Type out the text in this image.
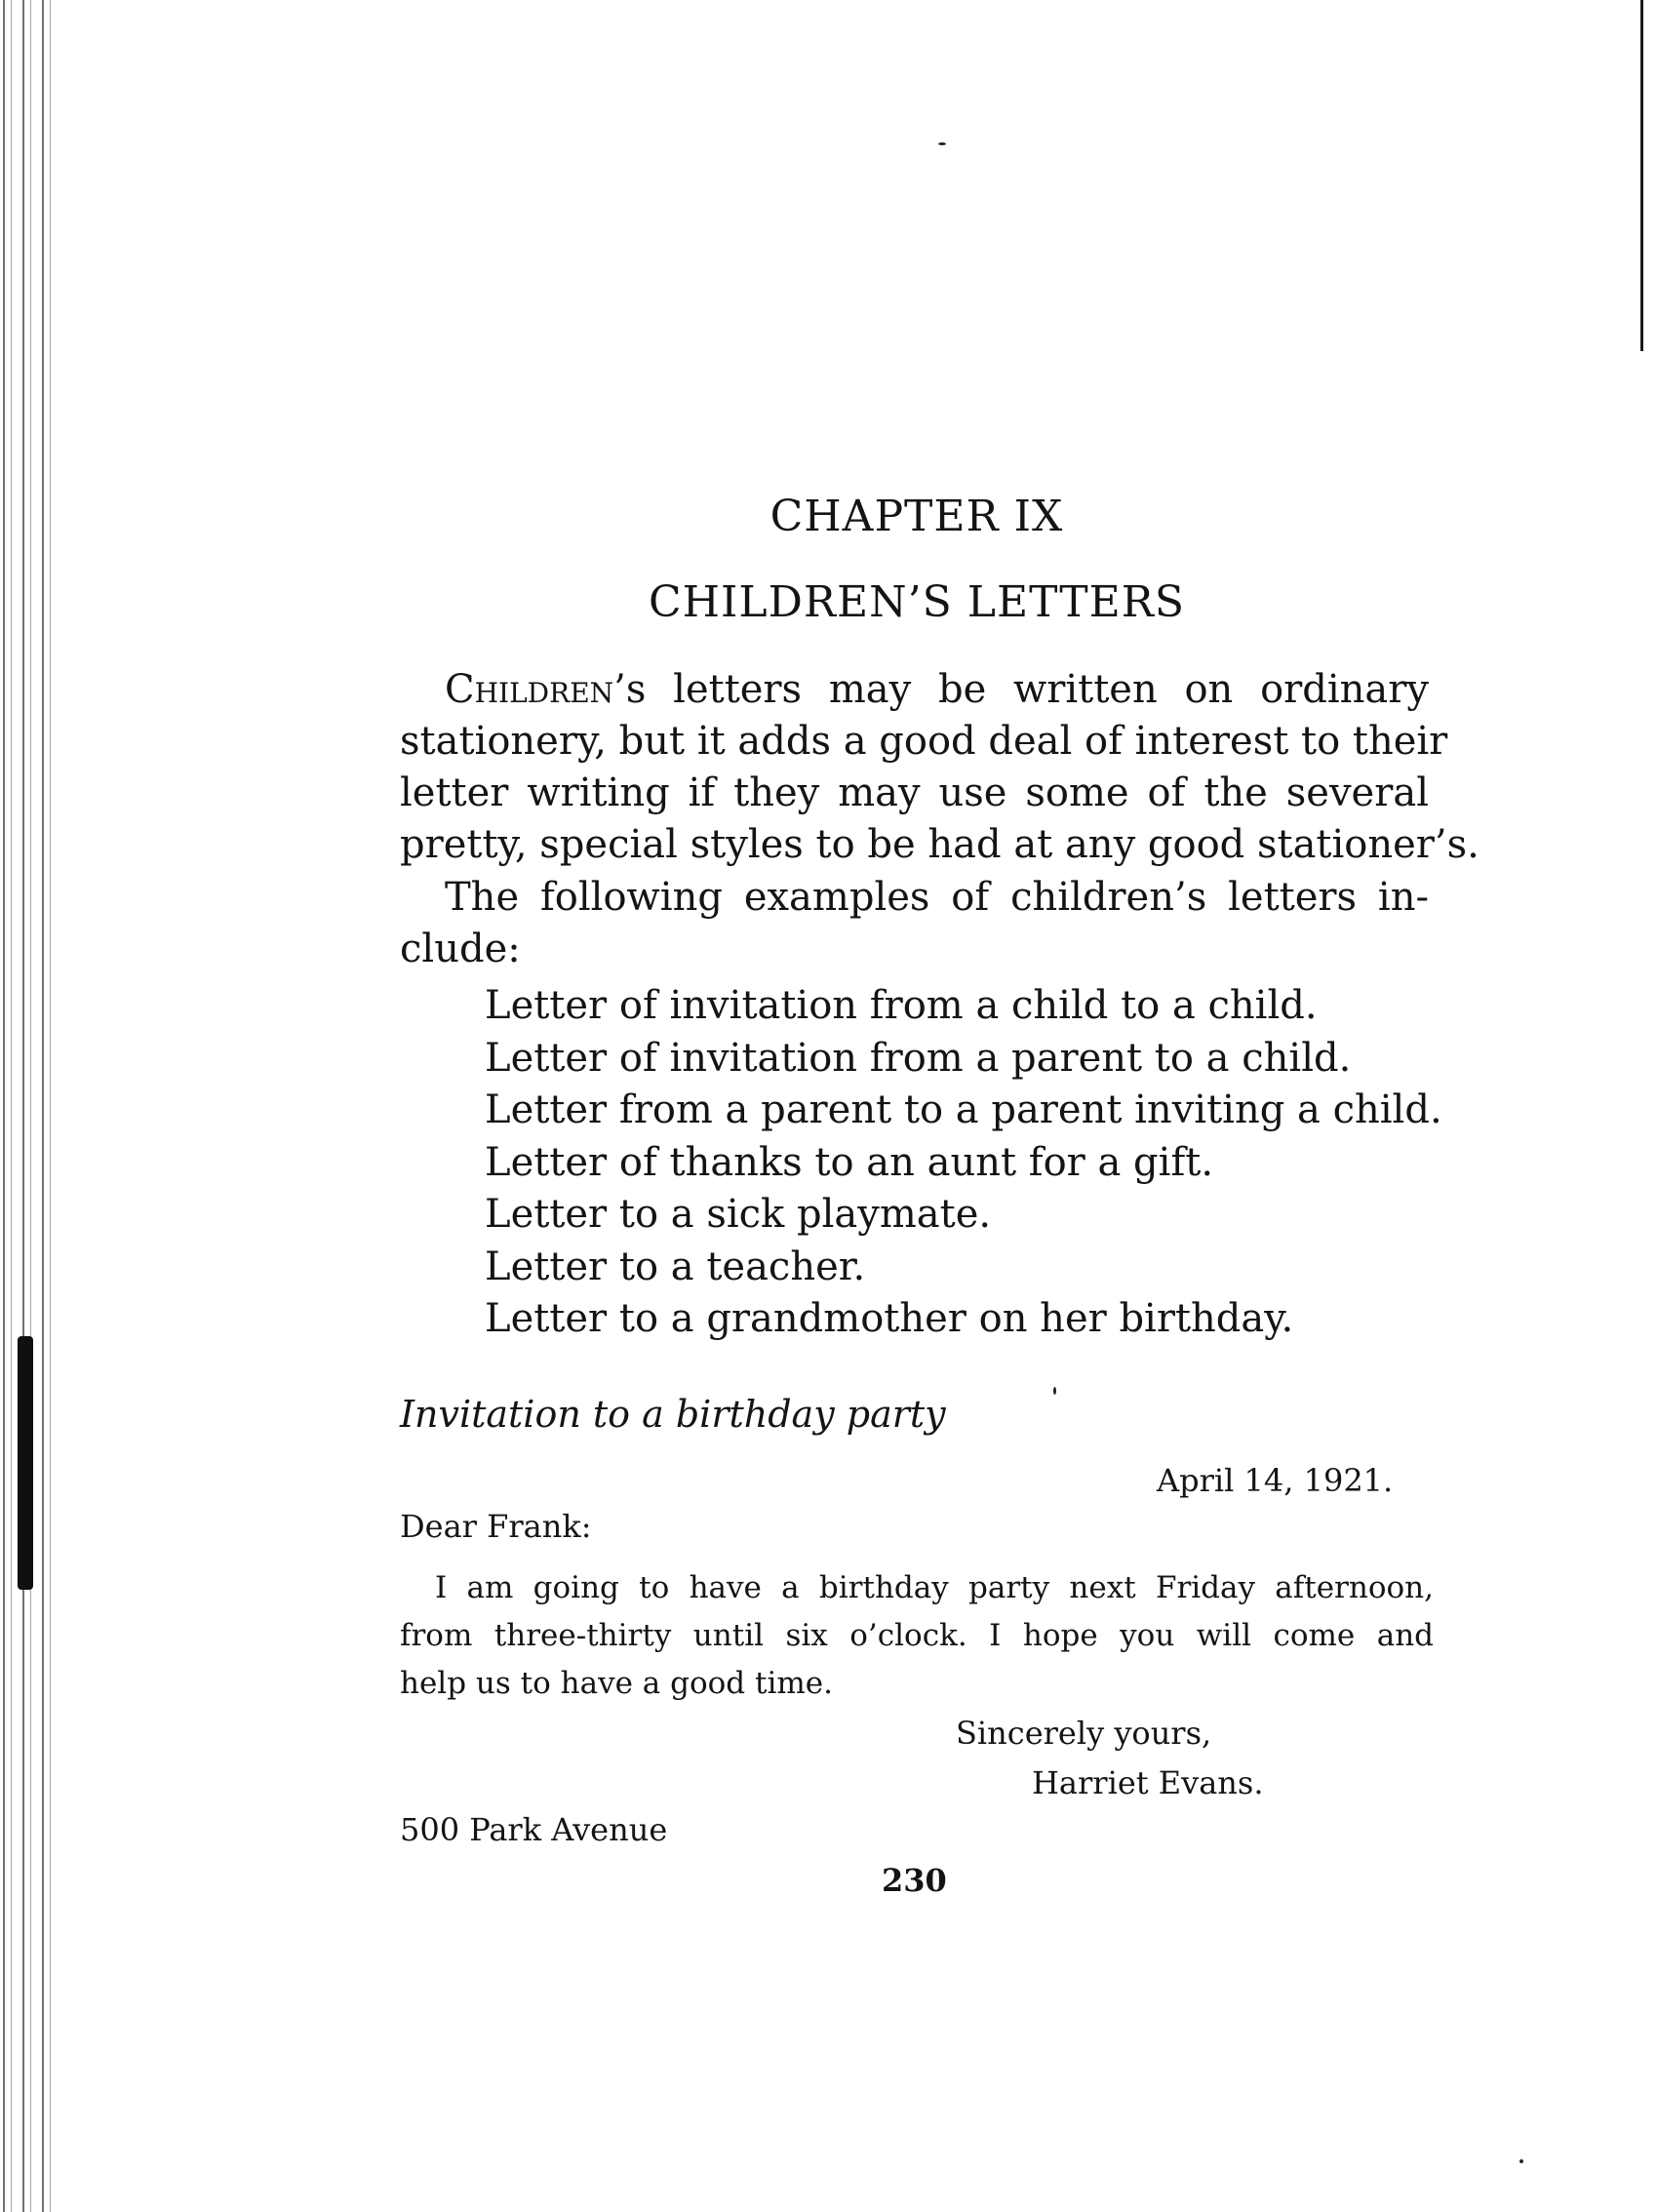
CHAPTER IX
CHILDREN’S LETTERS
Children’s letters may be written on ordinary
stationery, but it adds a good deal of interest to their
letter writing if they may use some of the several
pretty, special styles to be had at any good stationer’s.
The following examples of children’s letters in-
clude:
Letter of invitation from a child to a child.
Letter of invitation from a parent to a child.
Letter from a parent to a parent inviting a child.
Letter of thanks to an aunt for a gift.
Letter to a sick playmate.
Letter to a teacher.
Letter to a grandmother on her birthday.
Invitation to a birthday party
April 14, 1921.
Dear Frank:
I am going to have a birthday party next Friday afternoon,
from three-thirty until six o’clock. I hope you will come and
help us to have a good time.
Sincerely yours,
Harriet Evans.
500 Park Avenue
230
